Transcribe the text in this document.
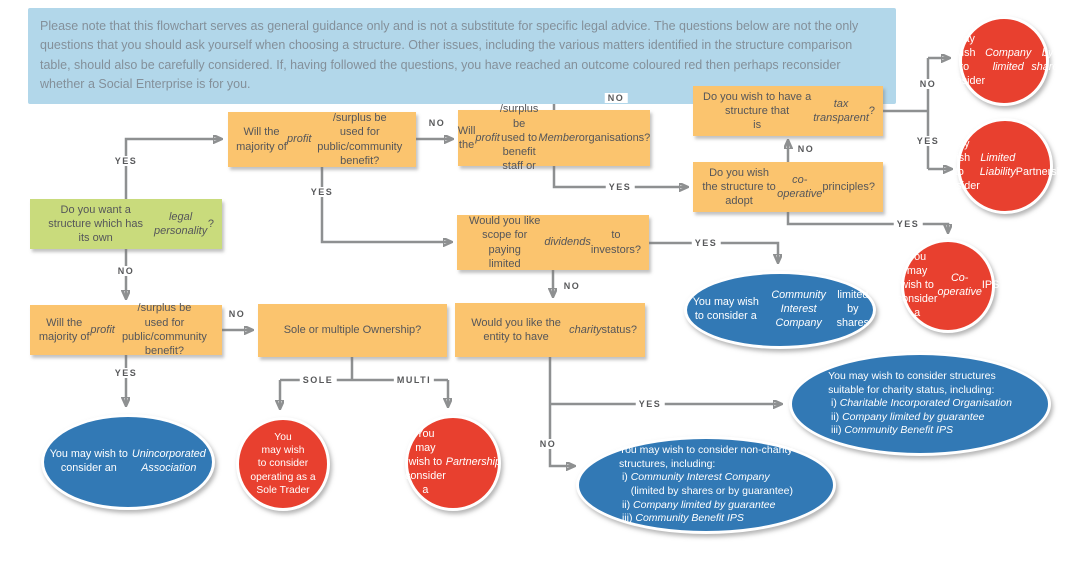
Please note that this flowchart serves as general guidance only and is not a substitute for specific legal advice. The questions below are not the only questions that you should ask yourself when choosing a structure. Other issues, including the various matters identified in the structure comparison table, should also be carefully considered. If, having followed the questions, you have reached an outcome coloured red then perhaps reconsider whether a Social Enterprise is for you.
Do you want a structure which has
its own
legal personality
?
Will the majority of
profit
/surplus be
used for public/community benefit?
Will the
profit
/surplus be used to
benefit staff or
Member organisations?
Do you wish to have a structure that
is
tax transparent
?
Do you wish the structure to adopt

co-operative
principles?
Would you like scope for paying
limited
dividends
to investors?
Would you like the entity to have

charity status?
Will the majority of
profit
/surplus be
used for public/community benefit?
Sole or multiple Ownership?
You may wish
to consider a

Company limited

by shares
You
may wish
to consider a

Limited Liability Partnership
You may wish to
consider a

Co-operative
IPS
You may wish to consider a

Community Interest Company
limited
by shares
You may wish to consider an

Unincorporated Association
You
may wish
to consider
operating as a
Sole Trader
You may wish to
consider a

Partnership
You may wish to consider non-charity
structures, including:
i) Community Interest Company
(limited by shares or by guarantee)
ii) Company limited by guarantee
iii) Community Benefit IPS
You may wish to consider structures
suitable for charity status, including:
i) Charitable Incorporated Organisation
ii) Company limited by guarantee
iii) Community Benefit IPS
YES
NO
YES
NO
YES
NO
YES
NO
YES
YES
NO
YES
NO
NO
YES
NO
SOLE	MULTI
